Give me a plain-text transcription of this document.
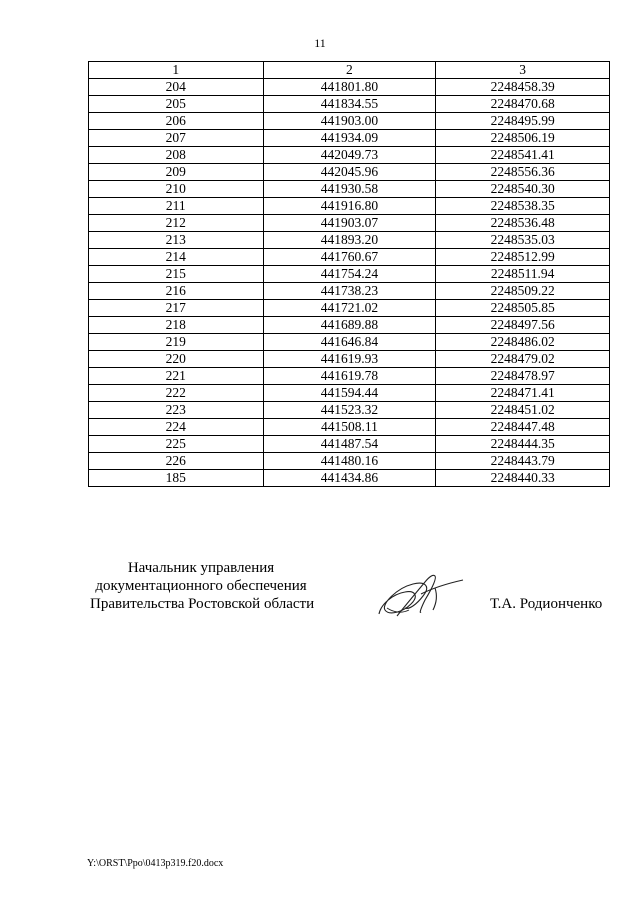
11
1	2	3
204	441801.80	2248458.39
205	441834.55	2248470.68
206	441903.00	2248495.99
207	441934.09	2248506.19
208	442049.73	2248541.41
209	442045.96	2248556.36
210	441930.58	2248540.30
211	441916.80	2248538.35
212	441903.07	2248536.48
213	441893.20	2248535.03
214	441760.67	2248512.99
215	441754.24	2248511.94
216	441738.23	2248509.22
217	441721.02	2248505.85
218	441689.88	2248497.56
219	441646.84	2248486.02
220	441619.93	2248479.02
221	441619.78	2248478.97
222	441594.44	2248471.41
223	441523.32	2248451.02
224	441508.11	2248447.48
225	441487.54	2248444.35
226	441480.16	2248443.79
185	441434.86	2248440.33
Начальник управления
документационного обеспечения
Правительства Ростовской области	Т.А. Родионченко
Y:\ORST\Ppo\0413p319.f20.docx
